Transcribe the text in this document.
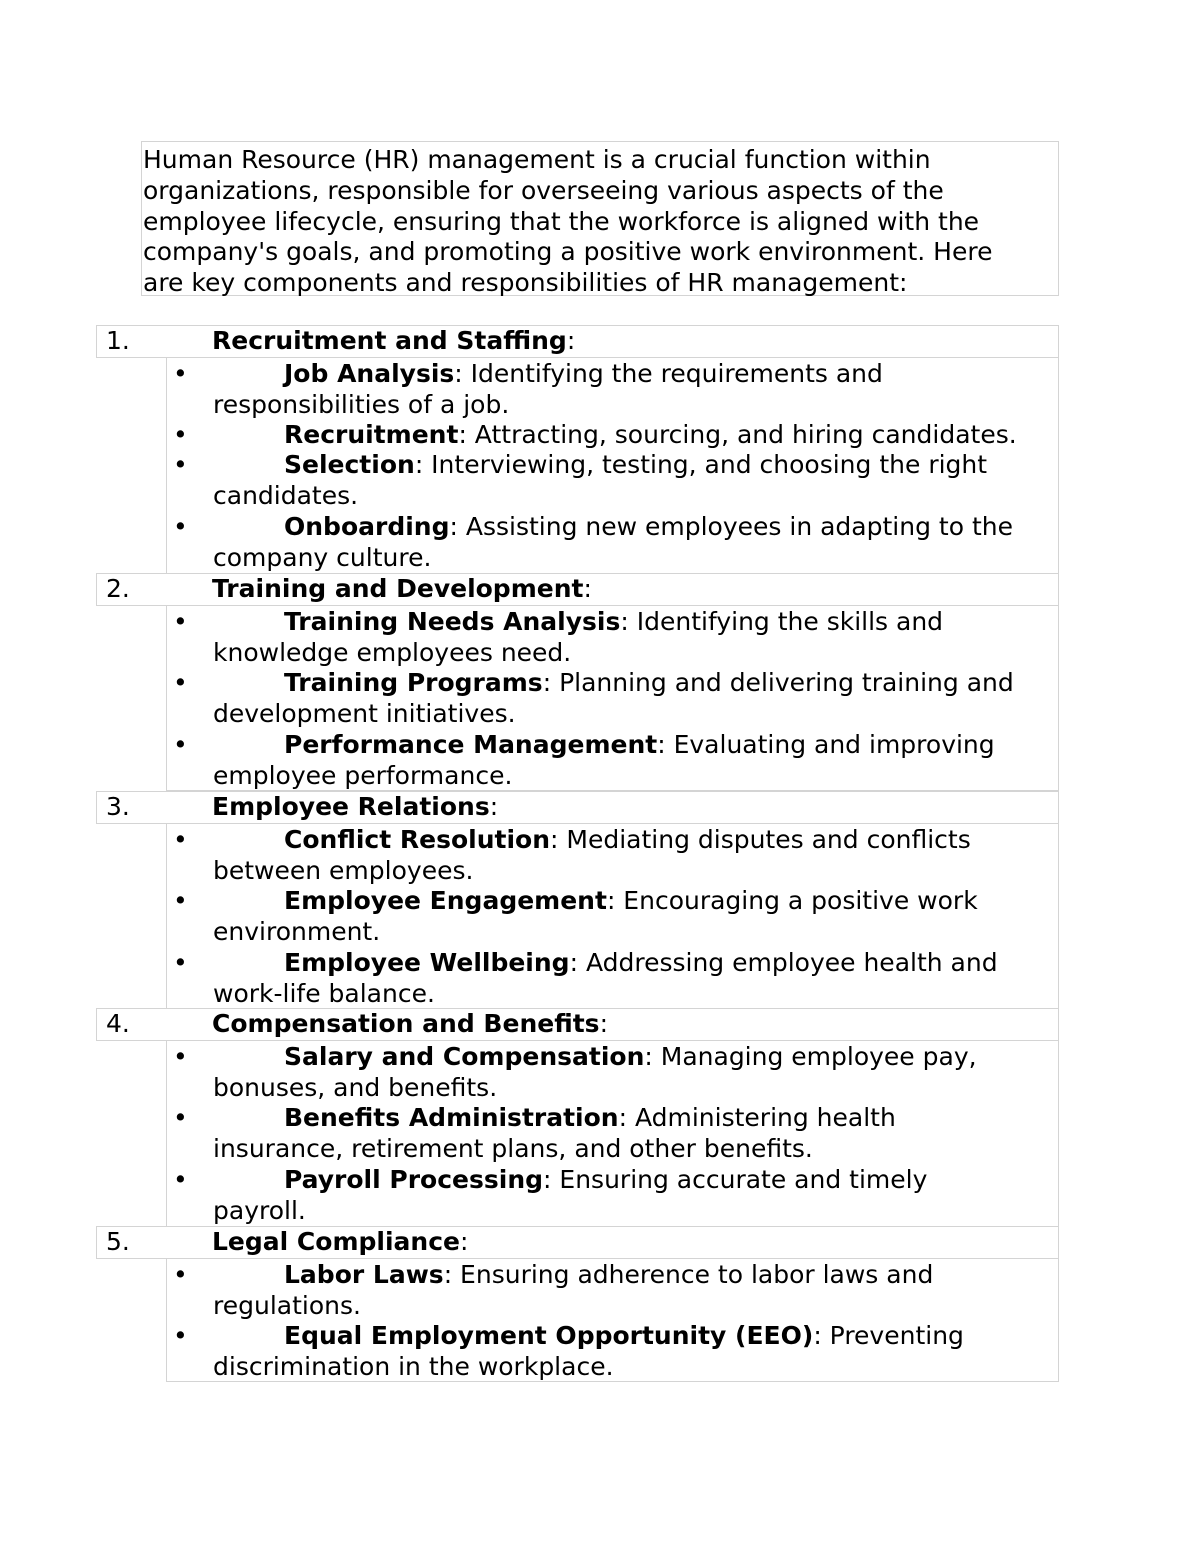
Human Resource (HR) management is a crucial function within
organizations, responsible for overseeing various aspects of the
employee lifecycle, ensuring that the workforce is aligned with the
company's goals, and promoting a positive work environment. Here
are key components and responsibilities of HR management:
1.	Recruitment and Staffing:
•	Job Analysis: Identifying the requirements and
responsibilities of a job.
•	Recruitment: Attracting, sourcing, and hiring candidates.
•	Selection: Interviewing, testing, and choosing the right
candidates.
•	Onboarding: Assisting new employees in adapting to the
company culture.
2.	Training and Development:
•	Training Needs Analysis: Identifying the skills and
knowledge employees need.
•	Training Programs: Planning and delivering training and
development initiatives.
•	Performance Management: Evaluating and improving
employee performance.
3.	Employee Relations:
•	Conflict Resolution: Mediating disputes and conflicts
between employees.
•	Employee Engagement: Encouraging a positive work
environment.
•	Employee Wellbeing: Addressing employee health and
work-life balance.
4.	Compensation and Benefits:
•	Salary and Compensation: Managing employee pay,
bonuses, and benefits.
•	Benefits Administration: Administering health
insurance, retirement plans, and other benefits.
•	Payroll Processing: Ensuring accurate and timely
payroll.
5.	Legal Compliance:
•	Labor Laws: Ensuring adherence to labor laws and
regulations.
•	Equal Employment Opportunity (EEO): Preventing
discrimination in the workplace.
